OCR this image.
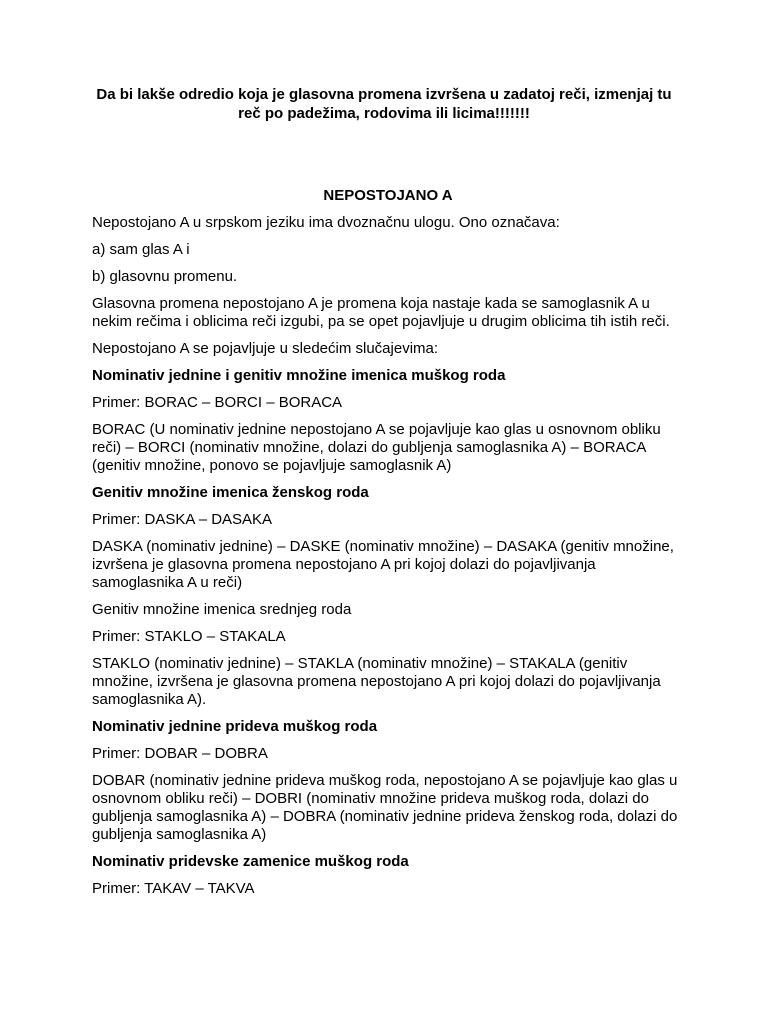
Da bi lakše odredio koja je glasovna promena izvršena u zadatoj reči, izmenjaj tu reč po padežima, rodovima ili licima!!!!!!!

NEPOSTOJANO A

Nepostojano A u srpskom jeziku ima dvoznačnu ulogu. Ono označava:

a) sam glas A i

b) glasovnu promenu.

Glasovna promena nepostojano A je promena koja nastaje kada se samoglasnik A u nekim rečima i oblicima reči izgubi, pa se opet pojavljuje u drugim oblicima tih istih reči.

Nepostojano A se pojavljuje u sledećim slučajevima:

Nominativ jednine i genitiv množine imenica muškog roda

Primer: BORAC – BORCI – BORACA

BORAC (U nominativ jednine nepostojano A se pojavljuje kao glas u osnovnom obliku reči) – BORCI (nominativ množine, dolazi do gubljenja samoglasnika A) – BORACA (genitiv množine, ponovo se pojavljuje samoglasnik A)

Genitiv množine imenica ženskog roda

Primer: DASKA – DASAKA

DASKA (nominativ jednine) – DASKE (nominativ množine) – DASAKA (genitiv množine, izvršena je glasovna promena nepostojano A pri kojoj dolazi do pojavljivanja samoglasnika A u reči)

Genitiv množine imenica srednjeg roda

Primer: STAKLO – STAKALA

STAKLO (nominativ jednine) – STAKLA (nominativ množine) – STAKALA (genitiv množine, izvršena je glasovna promena nepostojano A pri kojoj dolazi do pojavljivanja samoglasnika A).

Nominativ jednine prideva muškog roda

Primer: DOBAR – DOBRA

DOBAR (nominativ jednine prideva muškog roda, nepostojano A se pojavljuje kao glas u osnovnom obliku reči) – DOBRI (nominativ množine prideva muškog roda, dolazi do gubljenja samoglasnika A) – DOBRA (nominativ jednine prideva ženskog roda, dolazi do gubljenja samoglasnika A)

Nominativ pridevske zamenice muškog roda

Primer: TAKAV – TAKVA
